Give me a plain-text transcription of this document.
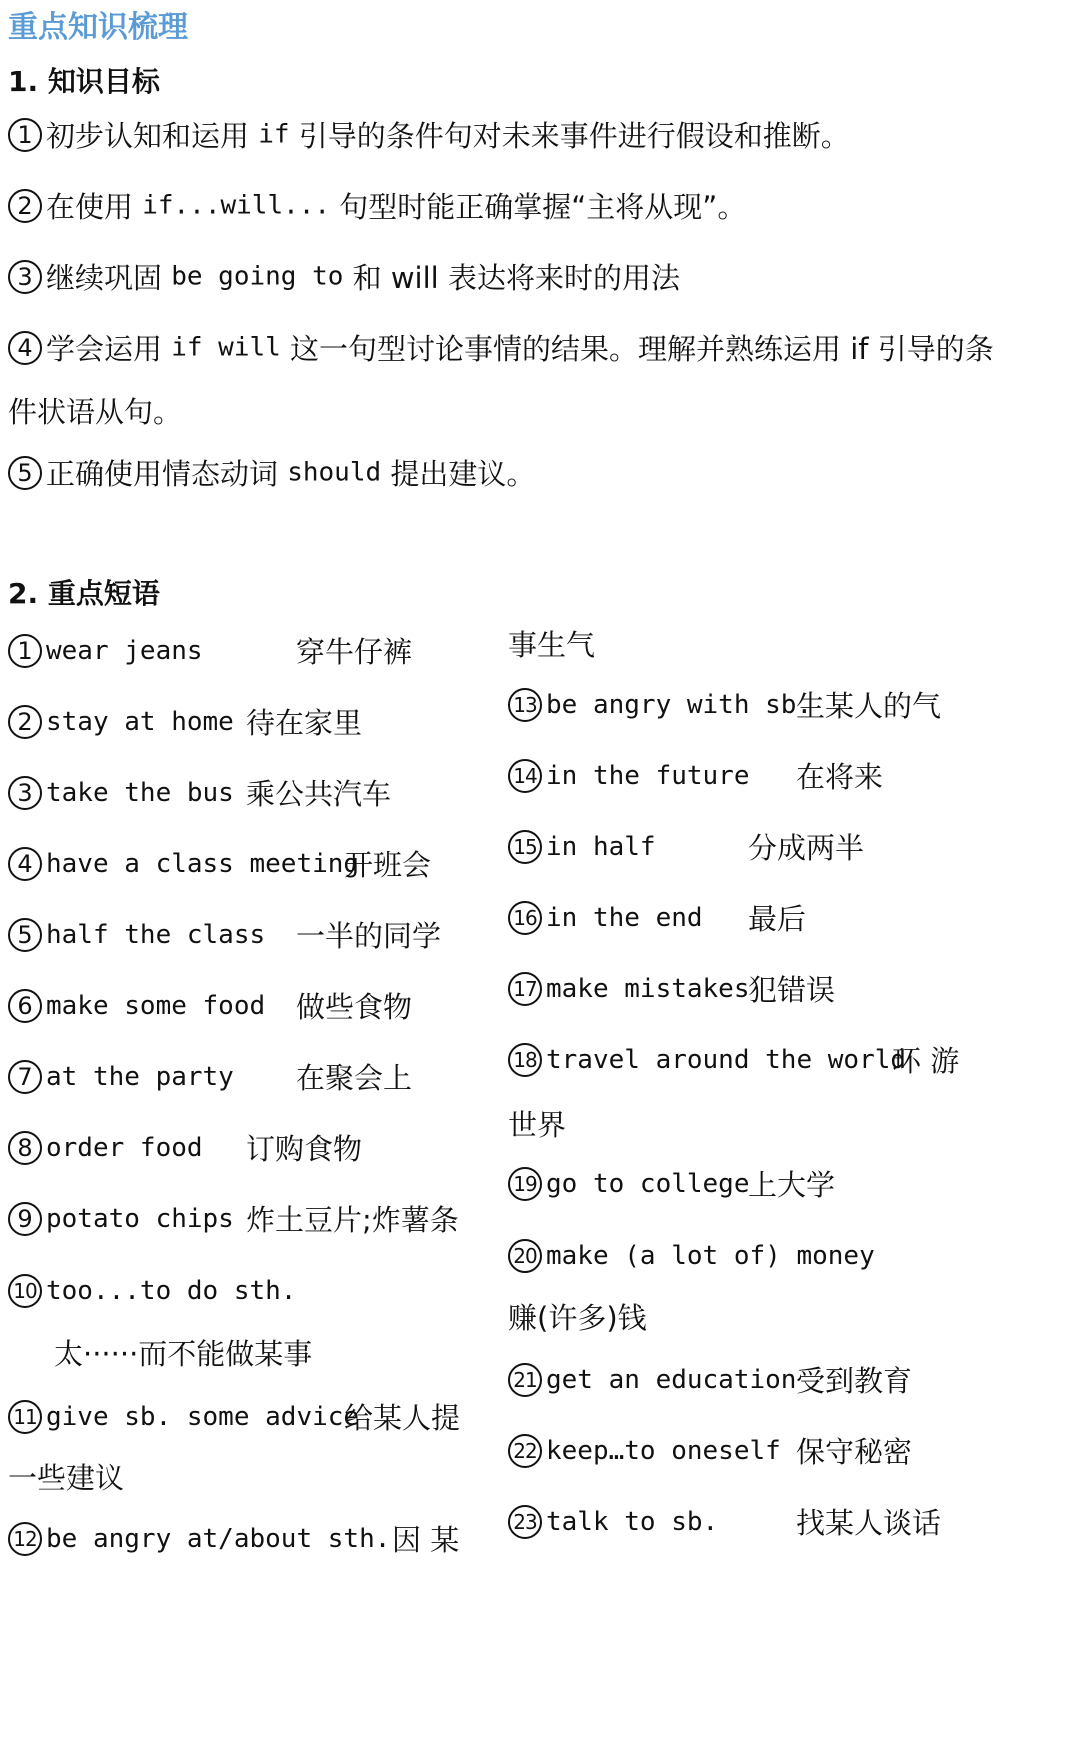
重点知识梳理
1. 知识目标
1 初步认知和运用 if 引导的条件句对未来事件进行假设和推断。
2 在使用 if...will... 句型时能正确掌握“主将从现”。
3 继续巩固 be going to 和 will 表达将来时的用法
4 学会运用 if will 这一句型讨论事情的结果。理解并熟练运用 if 引导的条
件状语从句。
5 正确使用情态动词 should 提出建议。
2. 重点短语
1 wear jeans	穿牛仔裤
2 stay at home 待在家里
3 take the bus 乘公共汽车
4 have a class meeting
开班会
5 half the class 一半的同学
6 make some food 做些食物
7 at the party 在聚会上
8 order food 订购食物
9 potato chips 炸土豆片;炸薯条
10 too...to do sth.
太······而不能做某事
11 give sb. some advice
给某人提
一些建议
12 be angry at/about sth. 因 某
事生气
13 be angry with sb.
生某人的气
14 in the future 在将来
15 in half	分成两半
16 in the end 最后
17 make mistakes
犯错误
18 travel around the world
环 游
世界
19 go to college
上大学
20 make (a lot of) money
赚(许多)钱
21 get an education 受到教育
22 keep…to oneself 保守秘密
23 talk to sb.	找某人谈话
